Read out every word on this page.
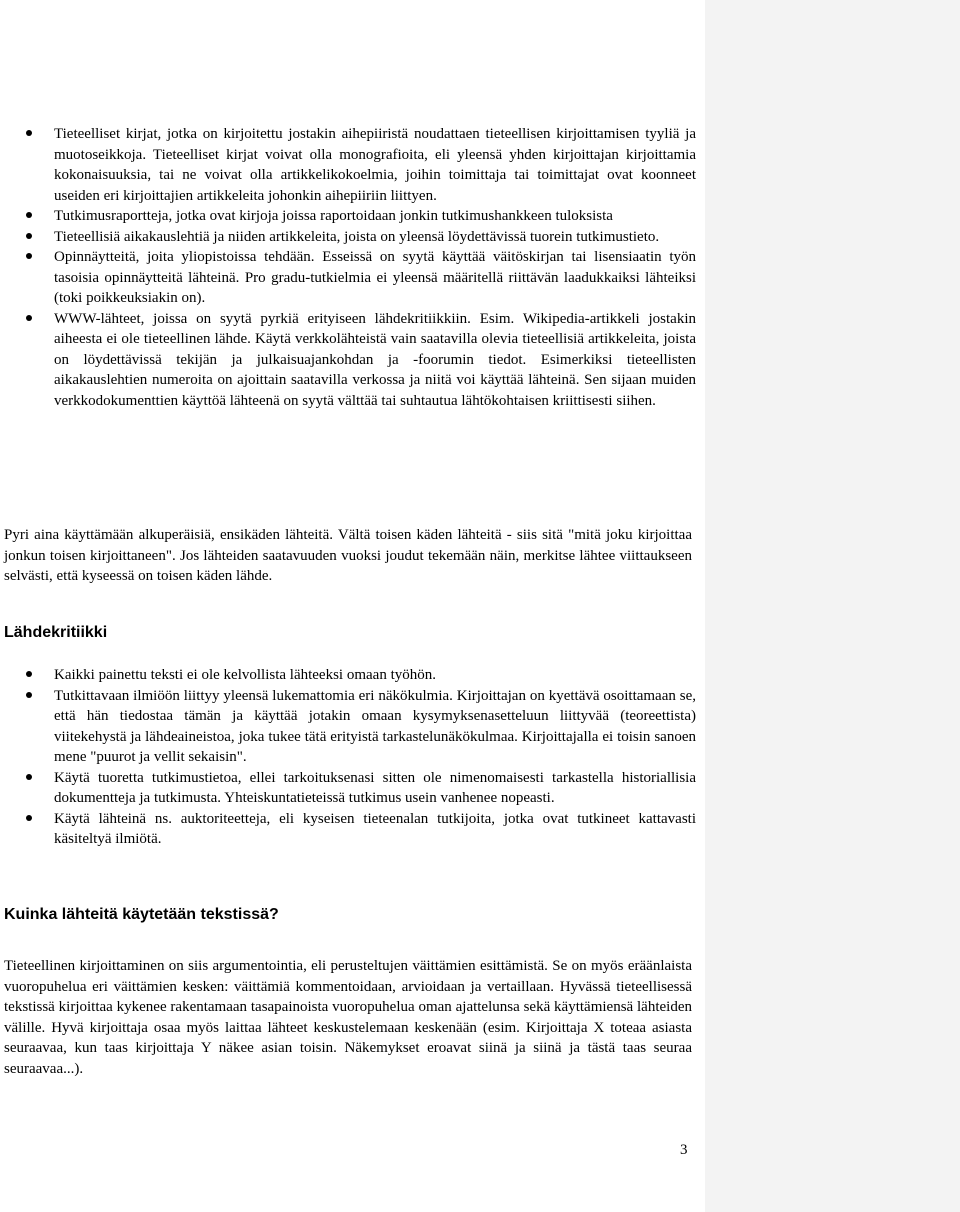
Tieteelliset kirjat, jotka on kirjoitettu jostakin aihepiiristä noudattaen tieteellisen kirjoittamisen tyyliä ja muotoseikkoja. Tieteelliset kirjat voivat olla monografioita, eli yleensä yhden kirjoittajan kirjoittamia kokonaisuuksia, tai ne voivat olla artikkelikokoelmia, joihin toimittaja tai toimittajat ovat koonneet useiden eri kirjoittajien artikkeleita johonkin aihepiiriin liittyen.
Tutkimusraportteja, jotka ovat kirjoja joissa raportoidaan jonkin tutkimushankkeen tuloksista
Tieteellisiä aikakauslehtiä ja niiden artikkeleita, joista on yleensä löydettävissä tuorein tutkimustieto.
Opinnäytteitä, joita yliopistoissa tehdään. Esseissä on syytä käyttää väitöskirjan tai lisensiaatin työn tasoisia opinnäytteitä lähteinä. Pro gradu-tutkielmia ei yleensä määritellä riittävän laadukkaiksi lähteiksi (toki poikkeuksiakin on).
WWW-lähteet, joissa on syytä pyrkiä erityiseen lähdekritiikkiin. Esim. Wikipedia-artikkeli jostakin aiheesta ei ole tieteellinen lähde. Käytä verkkolähteistä vain saatavilla olevia tieteellisiä artikkeleita, joista on löydettävissä tekijän ja julkaisuajankohdan ja -foorumin tiedot. Esimerkiksi tieteellisten aikakauslehtien numeroita on ajoittain saatavilla verkossa ja niitä voi käyttää lähteinä. Sen sijaan muiden verkkodokumenttien käyttöä lähteenä on syytä välttää tai suhtautua lähtökohtaisen kriittisesti siihen.

Pyri aina käyttämään alkuperäisiä, ensikäden lähteitä. Vältä toisen käden lähteitä - siis sitä "mitä joku kirjoittaa jonkun toisen kirjoittaneen". Jos lähteiden saatavuuden vuoksi joudut tekemään näin, merkitse lähtee viittaukseen selvästi, että kyseessä on toisen käden lähde.

Lähdekritiikki
Kaikki painettu teksti ei ole kelvollista lähteeksi omaan työhön.
Tutkittavaan ilmiöön liittyy yleensä lukemattomia eri näkökulmia. Kirjoittajan on kyettävä osoittamaan se, että hän tiedostaa tämän ja käyttää jotakin omaan kysymyksenasetteluun liittyvää (teoreettista) viitekehystä ja lähdeaineistoa, joka tukee tätä erityistä tarkastelunäkökulmaa. Kirjoittajalla ei toisin sanoen mene "puurot ja vellit sekaisin".
Käytä tuoretta tutkimustietoa, ellei tarkoituksenasi sitten ole nimenomaisesti tarkastella historiallisia dokumentteja ja tutkimusta. Yhteiskuntatieteissä tutkimus usein vanhenee nopeasti.
Käytä lähteinä ns. auktoriteetteja, eli kyseisen tieteenalan tutkijoita, jotka ovat tutkineet kattavasti käsiteltyä ilmiötä.
Kuinka lähteitä käytetään tekstissä?

Tieteellinen kirjoittaminen on siis argumentointia, eli perusteltujen väittämien esittämistä. Se on myös eräänlaista vuoropuhelua eri väittämien kesken: väittämiä kommentoidaan, arvioidaan ja vertaillaan. Hyvässä tieteellisessä tekstissä kirjoittaa kykenee rakentamaan tasapainoista vuoropuhelua oman ajattelunsa sekä käyttämiensä lähteiden välille. Hyvä kirjoittaja osaa myös laittaa lähteet keskustelemaan keskenään (esim. Kirjoittaja X toteaa asiasta seuraavaa, kun taas kirjoittaja Y näkee asian toisin. Näkemykset eroavat siinä ja siinä ja tästä taas seuraa seuraavaa...).

3
